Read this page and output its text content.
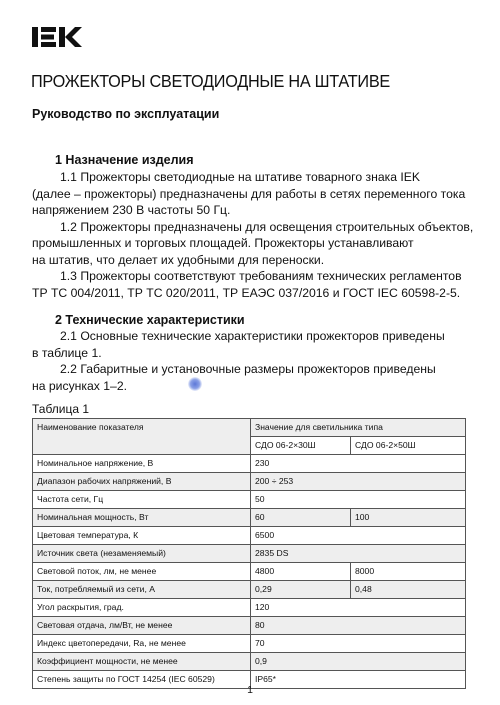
ПРОЖЕКТОРЫ СВЕТОДИОДНЫЕ НА ШТАТИВЕ
Руководство по эксплуатации
1 Назначение изделия
1.1 Прожекторы светодиодные на штативе товарного знака IEK
(далее – прожекторы) предназначены для работы в сетях переменного тока
напряжением 230 В частоты 50 Гц.
1.2 Прожекторы предназначены для освещения строительных объектов,
промышленных и торговых площадей. Прожекторы устанавливают
на штатив, что делает их удобными для переноски.
1.3 Прожекторы соответствуют требованиям технических регламентов
ТР ТС 004/2011, ТР ТС 020/2011, ТР ЕАЭС 037/2016 и ГОСТ IEC 60598-2-5.
2 Технические характеристики
2.1 Основные технические характеристики прожекторов приведены
в таблице 1.
2.2 Габаритные и установочные размеры прожекторов приведены
на рисунках 1–2.

Таблица 1

Наименование показателя	Значение для светильника типа	
	СДО 06-2×30Ш	СДО 06-2×50Ш
Номинальное напряжение, В	230	
Диапазон рабочих напряжений, В	200 ÷ 253	
Частота сети, Гц	50	
Номинальная мощность, Вт	60	100
Цветовая температура, К	6500	
Источник света (незаменяемый)	2835 DS	
Световой поток, лм, не менее	4800	8000
Ток, потребляемый из сети, А	0,29	0,48
Угол раскрытия, град.	120	
Световая отдача, лм/Вт, не менее	80	
Индекс цветопередачи, Ra, не менее	70	
Коэффициент мощности, не менее	0,9	
Степень защиты по ГОСТ 14254 (IEC 60529)	IP65*	
1
